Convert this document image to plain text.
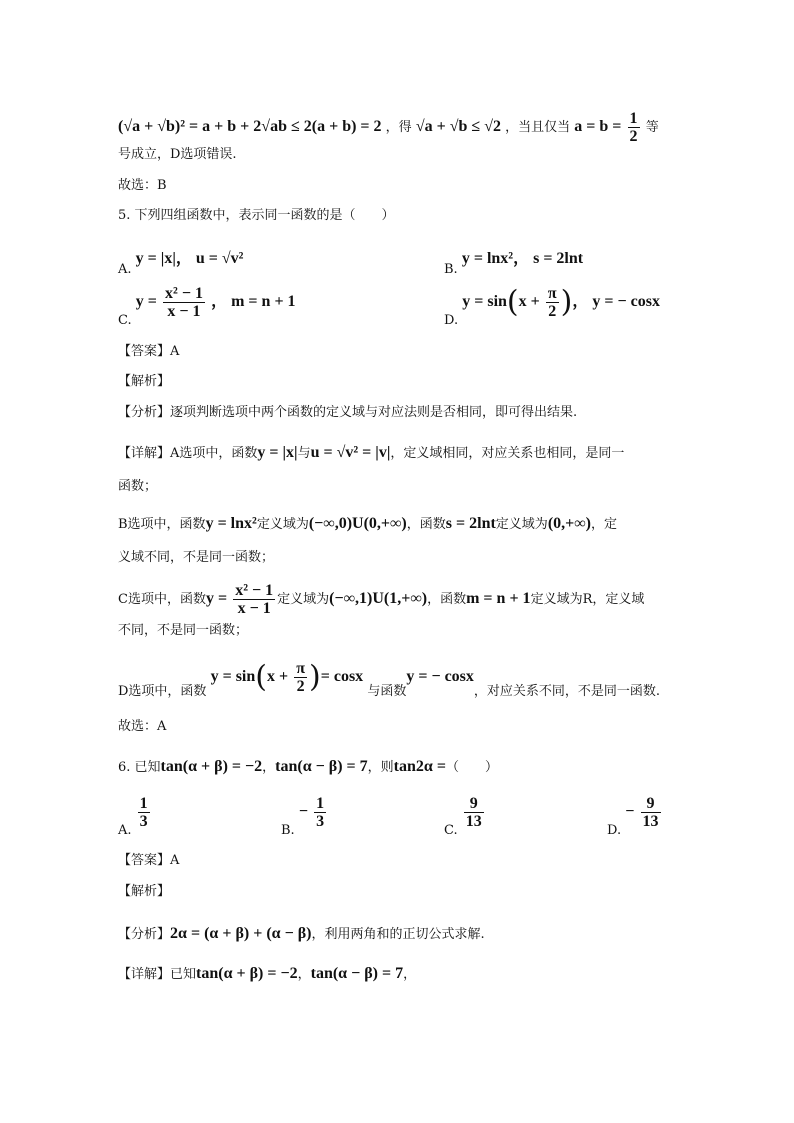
(√a + √b)² = a + b + 2√ab ≤ 2(a + b) = 2 ，得 √a + √b ≤ √2 ，当且仅当 $a = b = \frac{1}{2}$ 等
号成立，D选项错误.
故选：B
5. 下列四组函数中，表示同一函数的是（　　）
A. y = |x|， u = √v²
B. y = lnx²， s = 2lnt
C. $y = \frac{\text{x² − 1}}{x - 1}$ ， m = n + 1
D. $y = \sin(x + \frac{\pi}{2}$ )， y = − cosx
【答案】A
【解析】
【分析】逐项判断选项中两个函数的定义域与对应法则是否相同，即可得出结果.
【详解】A选项中，函数y = |x|与u = √v² = |v|，定义域相同，对应关系也相同，是同一
函数；
B选项中，函数y = lnx²定义域为(−∞,0)U(0,+∞)，函数s = 2lnt定义域为(0,+∞)，定
义域不同，不是同一函数；
C选项中，函数$y = \frac{\text{x² − 1}}{x - 1}$ 定义域为(−∞,1)U(1,+∞)，函数m = n + 1定义域为R，定义域
不同，不是同一函数；
D选项中，函数 $y = \sin(x + \frac{\pi}{2}$ )= cosx 与函数y = − cosx，对应关系不同，不是同一函数.
故选：A
6. 已知tan(α + β) = −2，tan(α − β) = 7，则tan2α =（　　）
A.
$\frac{1}{3}$
B. − $\frac{1}{3}$
C.
$\frac{9}{13}$
D. − $\frac{9}{13}$
【答案】A
【解析】
【分析】2α = (α + β) + (α − β)，利用两角和的正切公式求解.
【详解】已知tan(α + β) = −2，tan(α − β) = 7，
